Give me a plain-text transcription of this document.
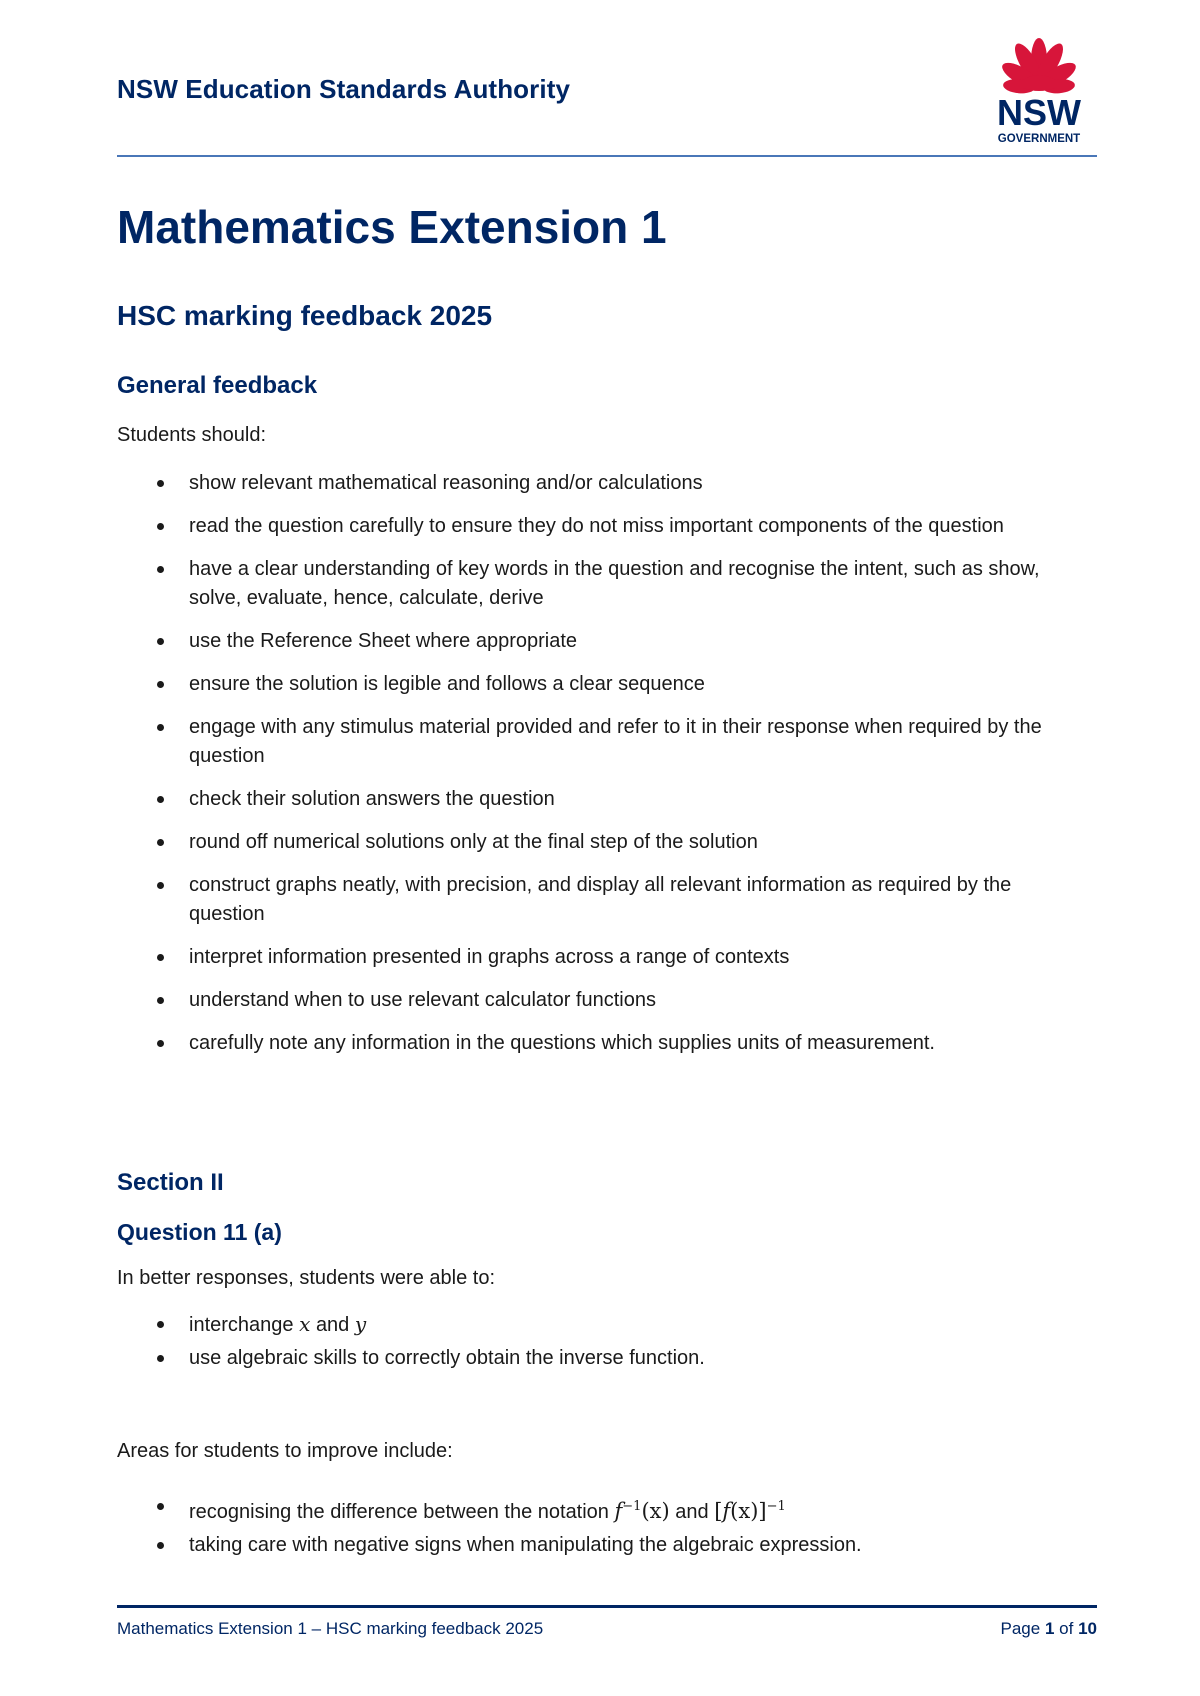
NSW Education Standards Authority

NSW
GOVERNMENT
Mathematics Extension 1
HSC marking feedback 2025
General feedback

Students should:

show relevant mathematical reasoning and/or calculations
read the question carefully to ensure they do not miss important components of the question
have a clear understanding of key words in the question and recognise the intent, such as show, solve, evaluate, hence, calculate, derive
use the Reference Sheet where appropriate
ensure the solution is legible and follows a clear sequence
engage with any stimulus material provided and refer to it in their response when required by the question
check their solution answers the question
round off numerical solutions only at the final step of the solution
construct graphs neatly, with precision, and display all relevant information as required by the question
interpret information presented in graphs across a range of contexts
understand when to use relevant calculator functions
carefully note any information in the questions which supplies units of measurement.
Section II
Question 11 (a)

In better responses, students were able to:

interchange x and y
use algebraic skills to correctly obtain the inverse function.

Areas for students to improve include:

recognising the difference between the notation $f^{-1}(x)$ and $[f(x)]^{-1}$
taking care with negative signs when manipulating the algebraic expression.

Mathematics Extension 1 – HSC marking feedback 2025	Page 1 of 10
